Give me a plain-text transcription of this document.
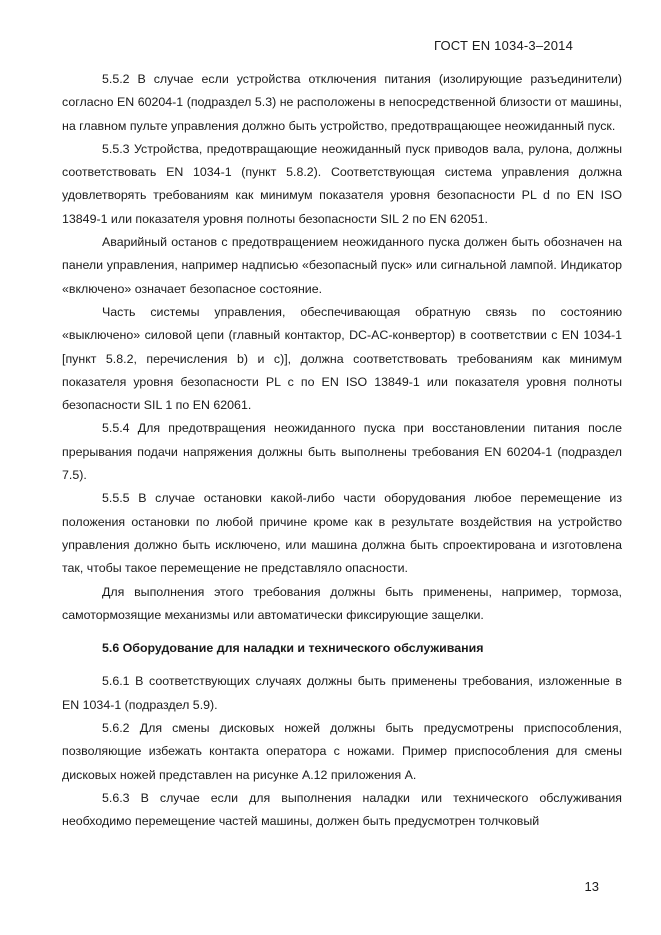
ГОСТ EN 1034-3–2014

5.5.2 В случае если устройства отключения питания (изолирующие разъединители) согласно EN 60204-1 (подраздел 5.3) не расположены в непосредственной близости от машины, на главном пульте управления должно быть устройство, предотвращающее неожиданный пуск.

5.5.3 Устройства, предотвращающие неожиданный пуск приводов вала, рулона, должны соответствовать EN 1034-1 (пункт 5.8.2). Соответствующая система управления должна удовлетворять требованиям как минимум показателя уровня безопасности PL d по EN ISO 13849-1 или показателя уровня полноты безопасности SIL 2 по EN 62051.

Аварийный останов с предотвращением неожиданного пуска должен быть обозначен на панели управления, например надписью «безопасный пуск» или сигнальной лампой. Индикатор «включено» означает безопасное состояние.

Часть системы управления, обеспечивающая обратную связь по состоянию «выключено» силовой цепи (главный контактор, DC-AC-конвертор) в соответствии с EN 1034-1 [пункт 5.8.2, перечисления b) и c)], должна соответствовать требованиям как минимум показателя уровня безопасности PL c по EN ISO 13849-1 или показателя уровня полноты безопасности SIL 1 по EN 62061.

5.5.4 Для предотвращения неожиданного пуска при восстановлении питания после прерывания подачи напряжения должны быть выполнены требования EN 60204-1 (подраздел 7.5).

5.5.5 В случае остановки какой-либо части оборудования любое перемещение из положения остановки по любой причине кроме как в результате воздействия на устройство управления должно быть исключено, или машина должна быть спроектирована и изготовлена так, чтобы такое перемещение не представляло опасности.

Для выполнения этого требования должны быть применены, например, тормоза, самотормозящие механизмы или автоматически фиксирующие защелки.

5.6 Оборудование для наладки и технического обслуживания

5.6.1 В соответствующих случаях должны быть применены требования, изложенные в EN 1034-1 (подраздел 5.9).

5.6.2 Для смены дисковых ножей должны быть предусмотрены приспособления, позволяющие избежать контакта оператора с ножами. Пример приспособления для смены дисковых ножей представлен на рисунке А.12 приложения А.

5.6.3 В случае если для выполнения наладки или технического обслуживания необходимо перемещение частей машины, должен быть предусмотрен толчковый

13
